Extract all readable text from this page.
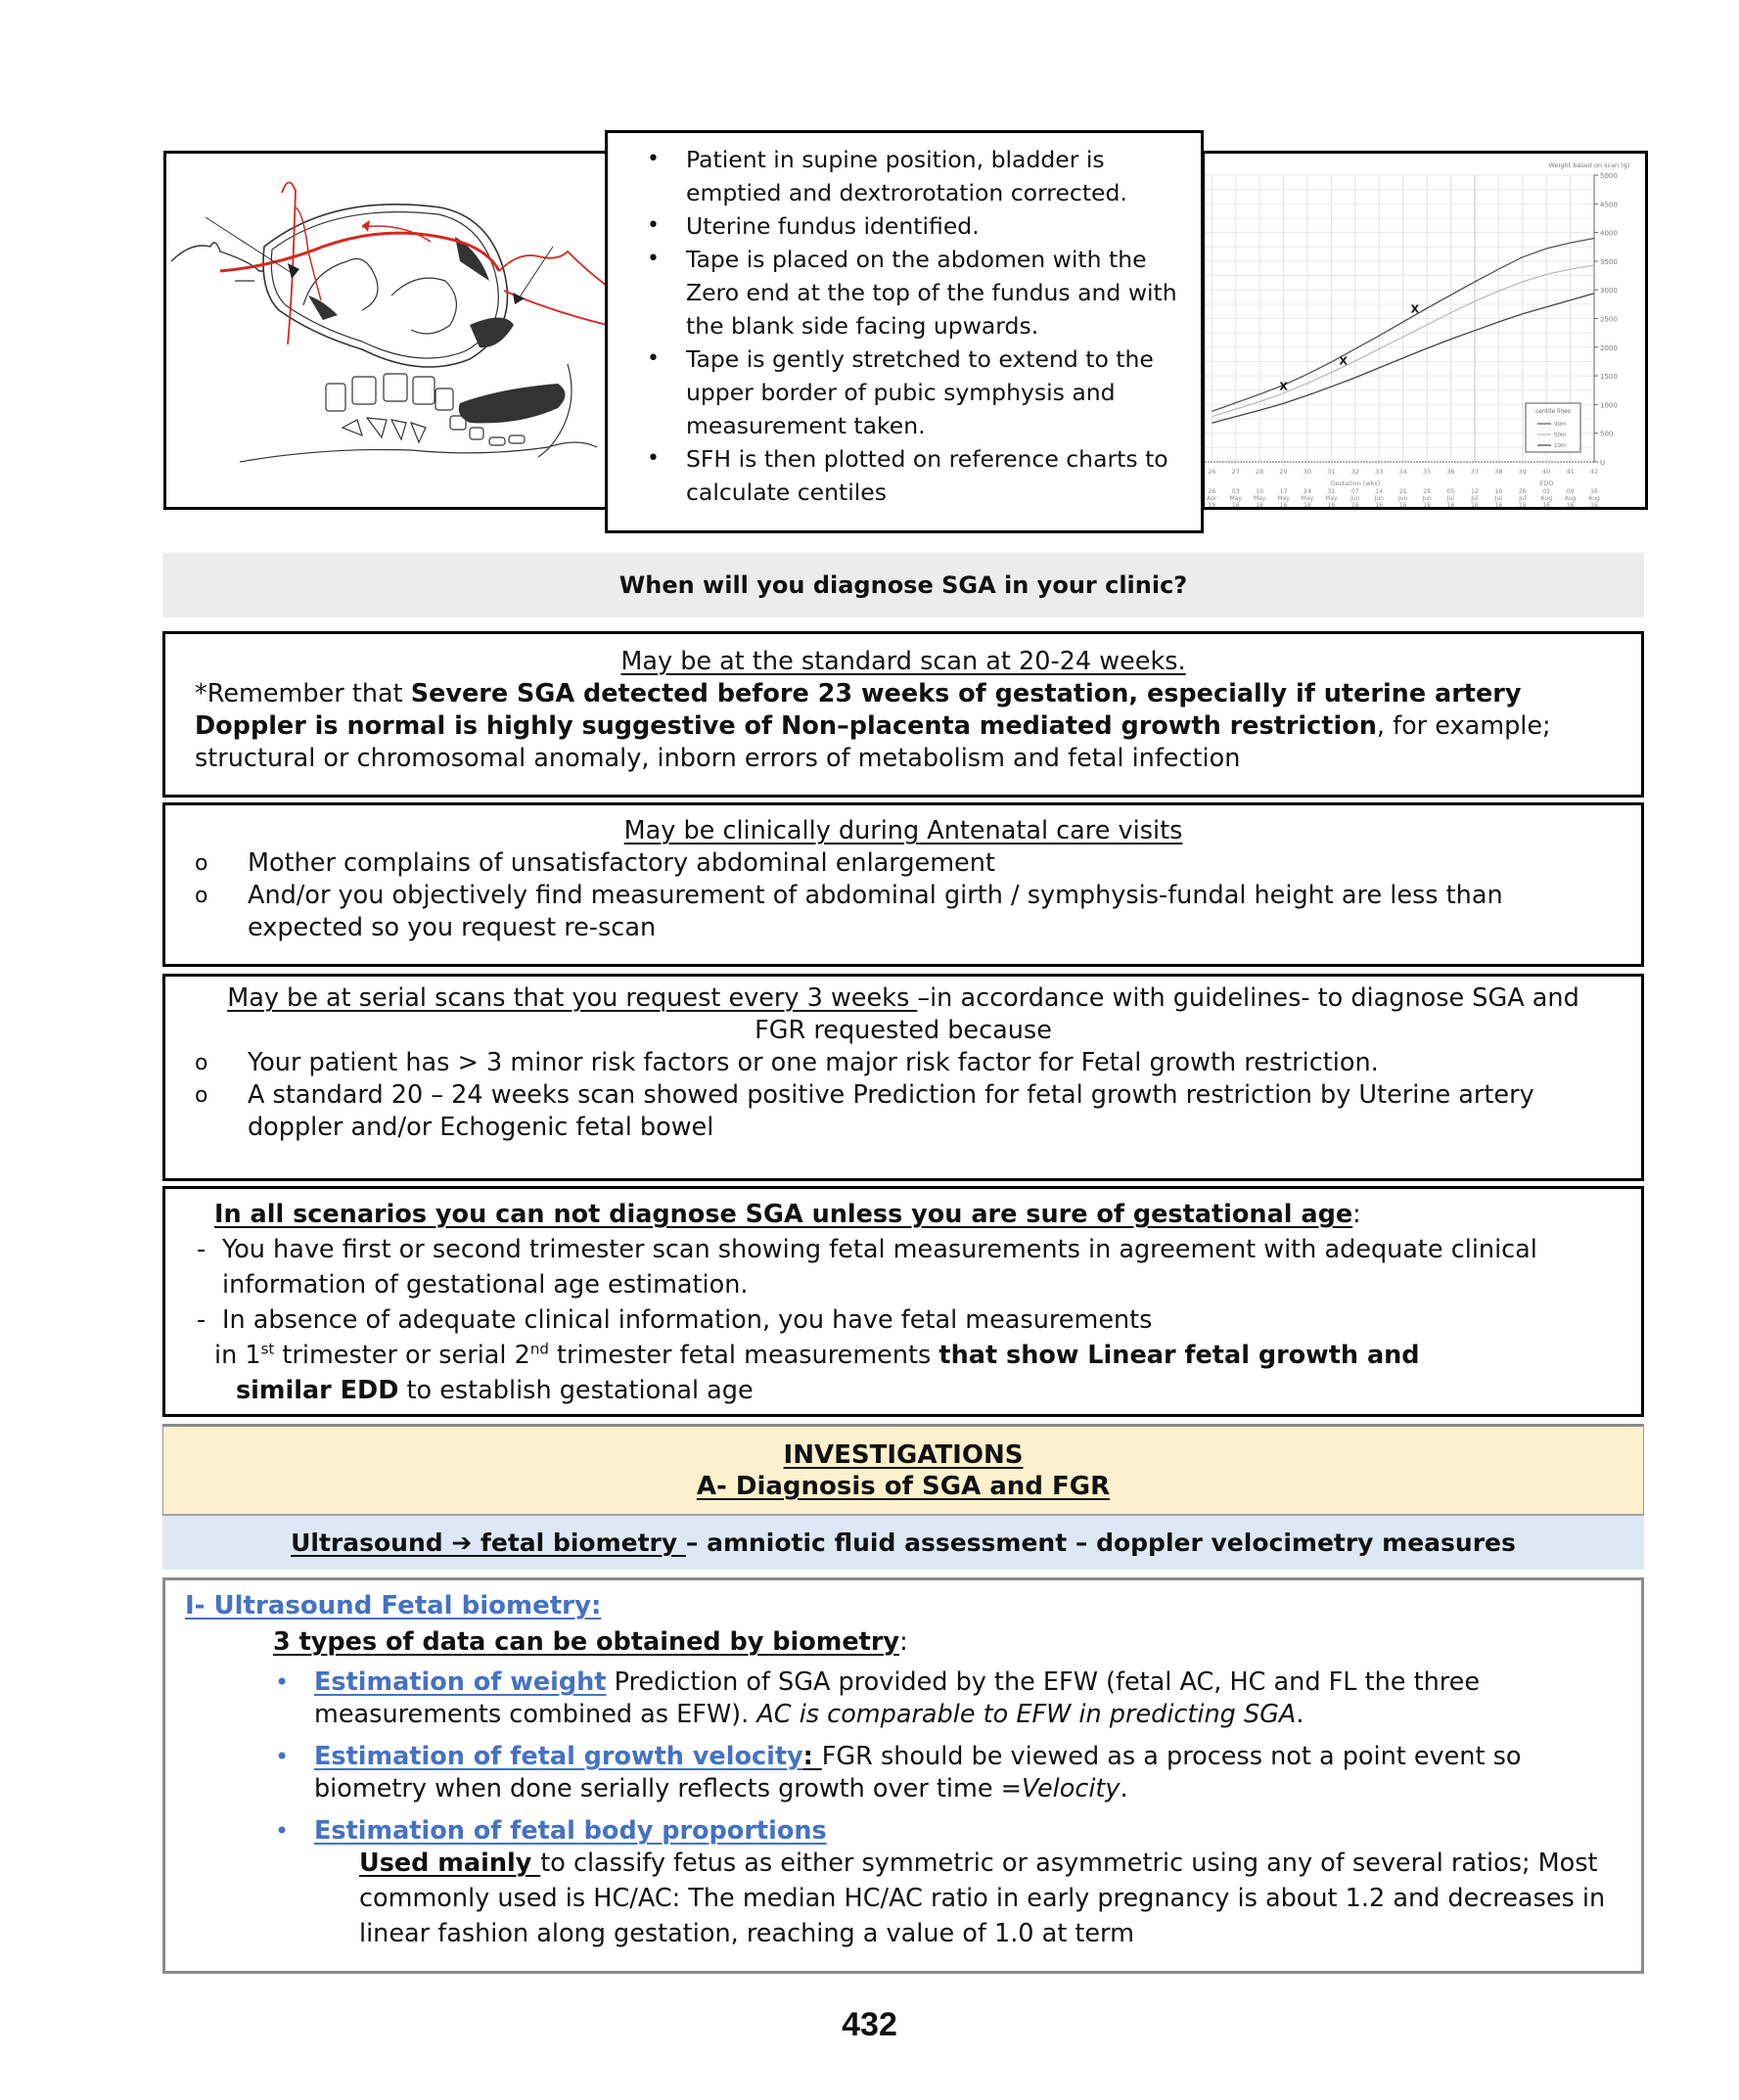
• Patient in supine position, bladder is emptied and dextrorotation corrected.
• Uterine fundus identified.
• Tape is placed on the abdomen with the Zero end at the top of the fundus and with the blank side facing upwards.
• Tape is gently stretched to extend to the upper border of pubic symphysis and measurement taken.
• SFH is then plotted on reference charts to calculate centiles
U
500
1000
1500
2000
2500
3000
3500
4000
4500
5000
Weight based on scan (g)
26
26
Apr
16
27
03
May
16
28
10
May
16
29
17
May
16
30
24
May
16
31
31
May
16
32
07
Jun
16
33
14
Jun
16
34
21
Jun
16
35
28
Jun
16
36
05
Jul
16
37
12
Jul
16
38
19
Jul
16
39
26
Jul
16
40
02
Aug
16
41
09
Aug
16
42
16
Aug
16
Gestation (wks)	EDD
X
X
X
centile lines
90th
50th
10th
When will you diagnose SGA in your clinic?
May be at the standard scan at 20-24 weeks.
*Remember that Severe SGA detected before 23 weeks of gestation, especially if uterine artery Doppler is normal is highly suggestive of Non–placenta mediated growth restriction, for example; structural or chromosomal anomaly, inborn errors of metabolism and fetal infection
May be clinically during Antenatal care visits
o Mother complains of unsatisfactory abdominal enlargement
o And/or you objectively find measurement of abdominal girth / symphysis-fundal height are less than expected so you request re-scan
May be at serial scans that you request every 3 weeks –in accordance with guidelines- to diagnose SGA and FGR requested because
o Your patient has > 3 minor risk factors or one major risk factor for Fetal growth restriction.
o A standard 20 – 24 weeks scan showed positive Prediction for fetal growth restriction by Uterine artery doppler and/or Echogenic fetal bowel
In all scenarios you can not diagnose SGA unless you are sure of gestational age:
- You have first or second trimester scan showing fetal measurements in agreement with adequate clinical information of gestational age estimation.
- In absence of adequate clinical information, you have fetal measurements
in 1st trimester or serial 2nd trimester fetal measurements that show Linear fetal growth and
similar EDD to establish gestational age
INVESTIGATIONS
A- Diagnosis of SGA and FGR
Ultrasound ➔ fetal biometry – amniotic fluid assessment – doppler velocimetry measures
I- Ultrasound Fetal biometry:
3 types of data can be obtained by biometry:
• Estimation of weight Prediction of SGA provided by the EFW (fetal AC, HC and FL the three measurements combined as EFW). AC is comparable to EFW in predicting SGA.
• Estimation of fetal growth velocity: FGR should be viewed as a process not a point event so biometry when done serially reflects growth over time =Velocity.
• Estimation of fetal body proportions
Used mainly to classify fetus as either symmetric or asymmetric using any of several ratios; Most commonly used is HC/AC: The median HC/AC ratio in early pregnancy is about 1.2 and decreases in linear fashion along gestation, reaching a value of 1.0 at term
432
